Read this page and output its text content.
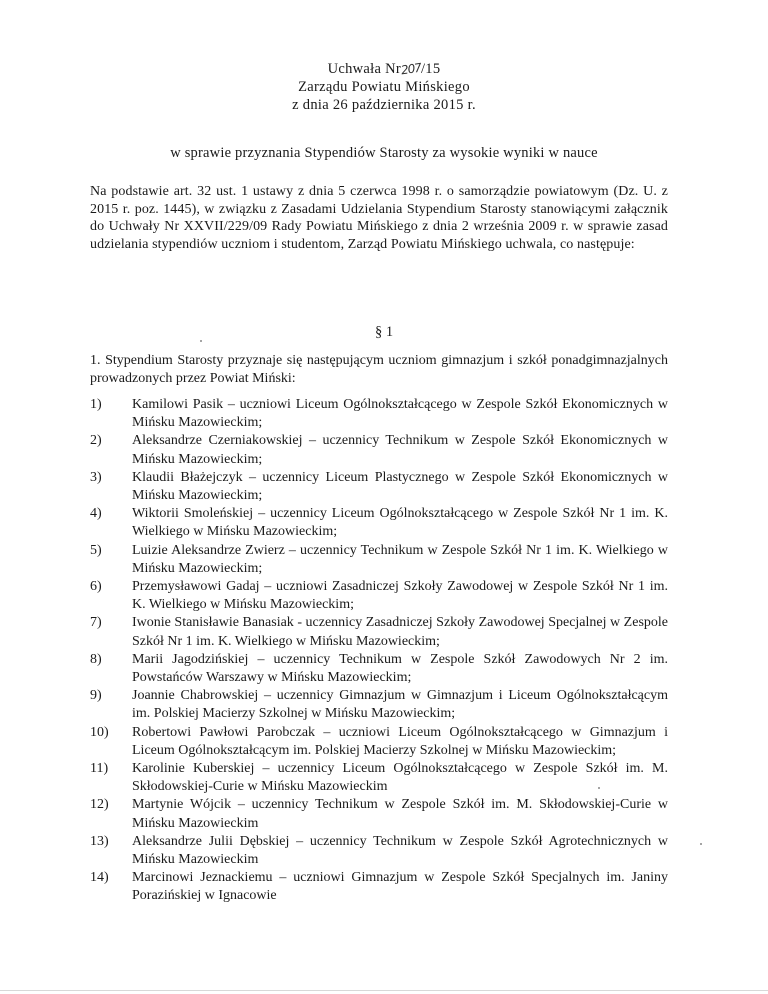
Uchwała Nr207/15
Zarządu Powiatu Mińskiego
z dnia 26 października 2015 r.
w sprawie przyznania Stypendiów Starosty za wysokie wyniki w nauce
Na podstawie art. 32 ust. 1 ustawy z dnia 5 czerwca 1998 r. o samorządzie powiatowym (Dz. U. z 2015 r. poz. 1445), w związku z Zasadami Udzielania Stypendium Starosty stanowiącymi załącznik do Uchwały Nr XXVII/229/09 Rady Powiatu Mińskiego z dnia 2 września 2009 r. w sprawie zasad udzielania stypendiów uczniom i studentom, Zarząd Powiatu Mińskiego uchwala, co następuje:
§ 1
1. Stypendium Starosty przyznaje się następującym uczniom gimnazjum i szkół ponadgimnazjalnych prowadzonych przez Powiat Miński:
1)	Kamilowi Pasik – uczniowi Liceum Ogólnokształcącego w Zespole Szkół Ekonomicznych w Mińsku Mazowieckim;
2)	Aleksandrze Czerniakowskiej – uczennicy Technikum w Zespole Szkół Ekonomicznych w Mińsku Mazowieckim;
3)	Klaudii Błażejczyk – uczennicy Liceum Plastycznego w Zespole Szkół Ekonomicznych w Mińsku Mazowieckim;
4)	Wiktorii Smoleńskiej – uczennicy Liceum Ogólnokształcącego w Zespole Szkół Nr 1 im. K. Wielkiego w Mińsku Mazowieckim;
5)	Luizie Aleksandrze Zwierz – uczennicy Technikum w Zespole Szkół Nr 1 im. K. Wielkiego w Mińsku Mazowieckim;
6)	Przemysławowi Gadaj – uczniowi Zasadniczej Szkoły Zawodowej w Zespole Szkół Nr 1 im. K. Wielkiego w Mińsku Mazowieckim;
7)	Iwonie Stanisławie Banasiak - uczennicy Zasadniczej Szkoły Zawodowej Specjalnej w Zespole Szkół Nr 1 im. K. Wielkiego w Mińsku Mazowieckim;
8)	Marii Jagodzińskiej – uczennicy Technikum w Zespole Szkół Zawodowych Nr 2 im. Powstańców Warszawy w Mińsku Mazowieckim;
9)	Joannie Chabrowskiej – uczennicy Gimnazjum w Gimnazjum i Liceum Ogólnokształcącym im. Polskiej Macierzy Szkolnej w Mińsku Mazowieckim;
10)	Robertowi Pawłowi Parobczak – uczniowi Liceum Ogólnokształcącego w Gimnazjum i Liceum Ogólnokształcącym im. Polskiej Macierzy Szkolnej w Mińsku Mazowieckim;
11)	Karolinie Kuberskiej – uczennicy Liceum Ogólnokształcącego w Zespole Szkół im. M. Skłodowskiej-Curie w Mińsku Mazowieckim
12)	Martynie Wójcik – uczennicy Technikum w Zespole Szkół im. M. Skłodowskiej-Curie w Mińsku Mazowieckim
13)	Aleksandrze Julii Dębskiej – uczennicy Technikum w Zespole Szkół Agrotechnicznych w Mińsku Mazowieckim
14)	Marcinowi Jeznackiemu – uczniowi Gimnazjum w Zespole Szkół Specjalnych im. Janiny Porazińskiej w Ignacowie
